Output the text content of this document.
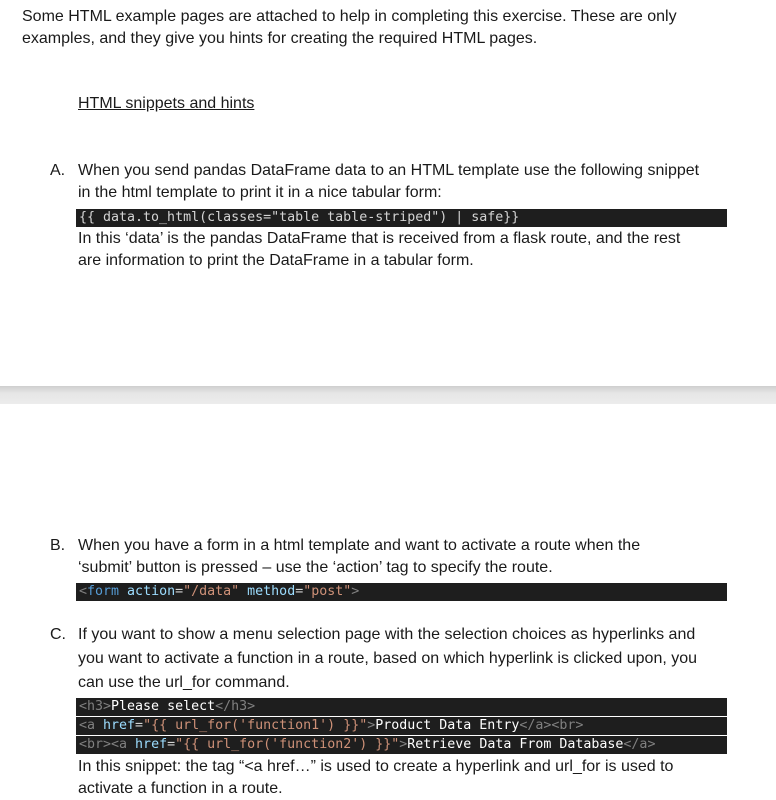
Some HTML example pages are attached to help in completing this exercise. These are only

examples, and they give you hints for creating the required HTML pages.

HTML snippets and hints

A. When you send pandas DataFrame data to an HTML template use the following snippet

in the html template to print it in a nice tabular form:

{{ data.to_html(classes="table table-striped") | safe}}

In this ‘data’ is the pandas DataFrame that is received from a flask route, and the rest

are information to print the DataFrame in a tabular form.

B. When you have a form in a html template and want to activate a route when the

‘submit’ button is pressed – use the ‘action’ tag to specify the route.

<form action="/data" method="post">
C. If you want to show a menu selection page with the selection choices as hyperlinks and

you want to activate a function in a route, based on which hyperlink is clicked upon, you

can use the url_for command.

<h3>Please select</h3>
<a href="{{ url_for('function1') }}">Product Data Entry</a><br>
<br><a href="{{ url_for('function2') }}">Retrieve Data From Database</a>

In this snippet: the tag “<a href…” is used to create a hyperlink and url_for is used to

activate a function in a route.
